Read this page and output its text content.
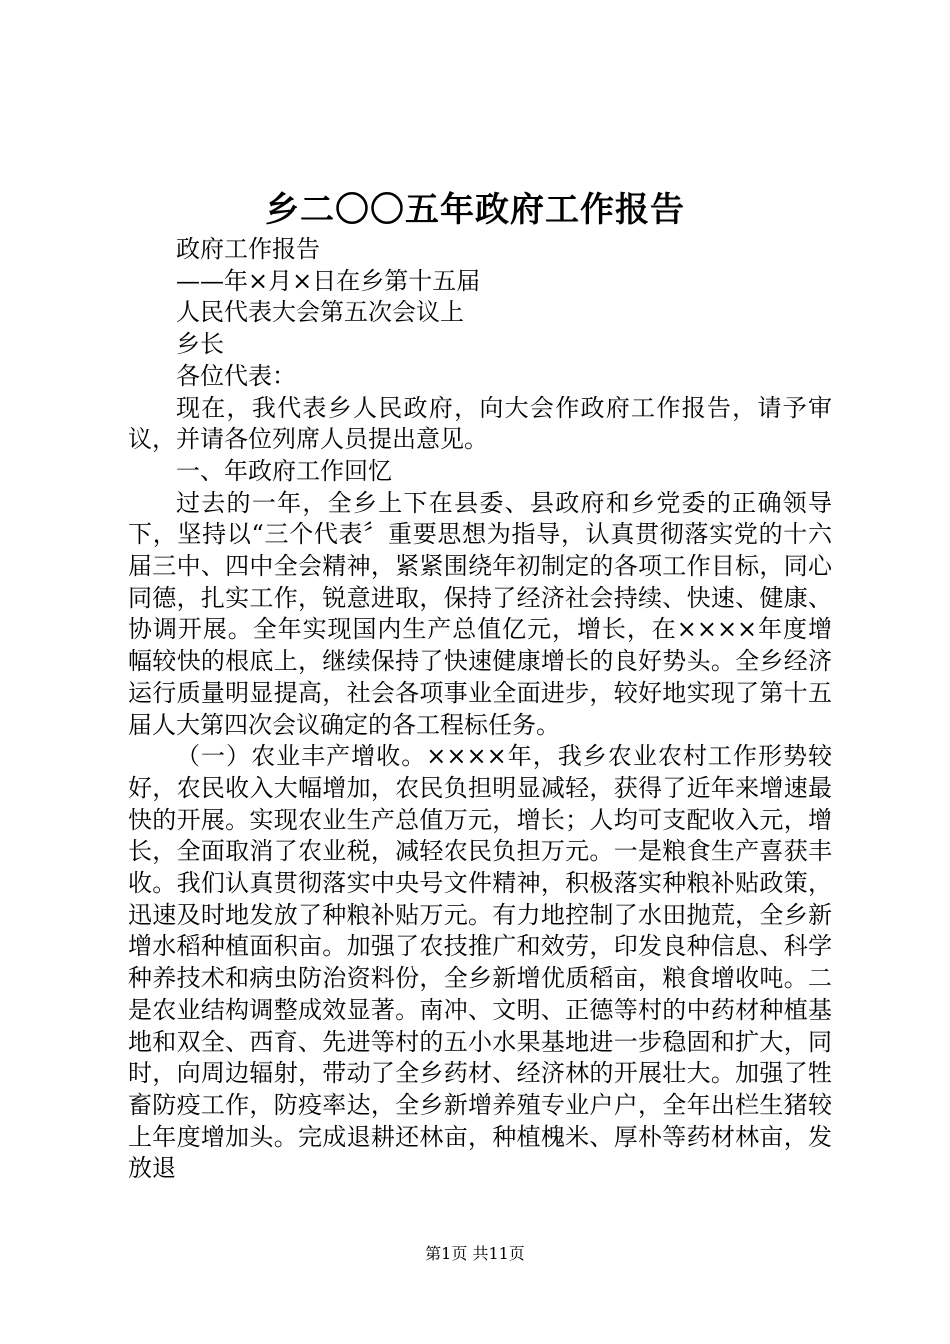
乡二〇〇五年政府工作报告

政府工作报告

——年×月×日在乡第十五届

人民代表大会第五次会议上

乡长

各位代表：

现在，我代表乡人民政府，向大会作政府工作报告，请予审议，并请各位列席人员提出意见。

一、年政府工作回忆

过去的一年，全乡上下在县委、县政府和乡党委的正确领导下，坚持以“三个代表〞重要思想为指导，认真贯彻落实党的十六届三中、四中全会精神，紧紧围绕年初制定的各项工作目标，同心同德，扎实工作，锐意进取，保持了经济社会持续、快速、健康、协调开展。全年实现国内生产总值亿元，增长，在××××年度增幅较快的根底上，继续保持了快速健康增长的良好势头。全乡经济运行质量明显提高，社会各项事业全面进步，较好地实现了第十五届人大第四次会议确定的各工程标任务。

（一）农业丰产增收。××××年，我乡农业农村工作形势较好，农民收入大幅增加，农民负担明显减轻，获得了近年来增速最快的开展。实现农业生产总值万元，增长；人均可支配收入元，增长，全面取消了农业税，减轻农民负担万元。一是粮食生产喜获丰收。我们认真贯彻落实中央号文件精神，积极落实种粮补贴政策，迅速及时地发放了种粮补贴万元。有力地控制了水田抛荒，全乡新增水稻种植面积亩。加强了农技推广和效劳，印发良种信息、科学种养技术和病虫防治资料份，全乡新增优质稻亩，粮食增收吨。二是农业结构调整成效显著。南冲、文明、正德等村的中药材种植基地和双全、西育、先进等村的五小水果基地进一步稳固和扩大，同时，向周边辐射，带动了全乡药材、经济林的开展壮大。加强了牲畜防疫工作，防疫率达，全乡新增养殖专业户户，全年出栏生猪较上年度增加头。完成退耕还林亩，种植槐米、厚朴等药材林亩，发放退

第1页 共11页
